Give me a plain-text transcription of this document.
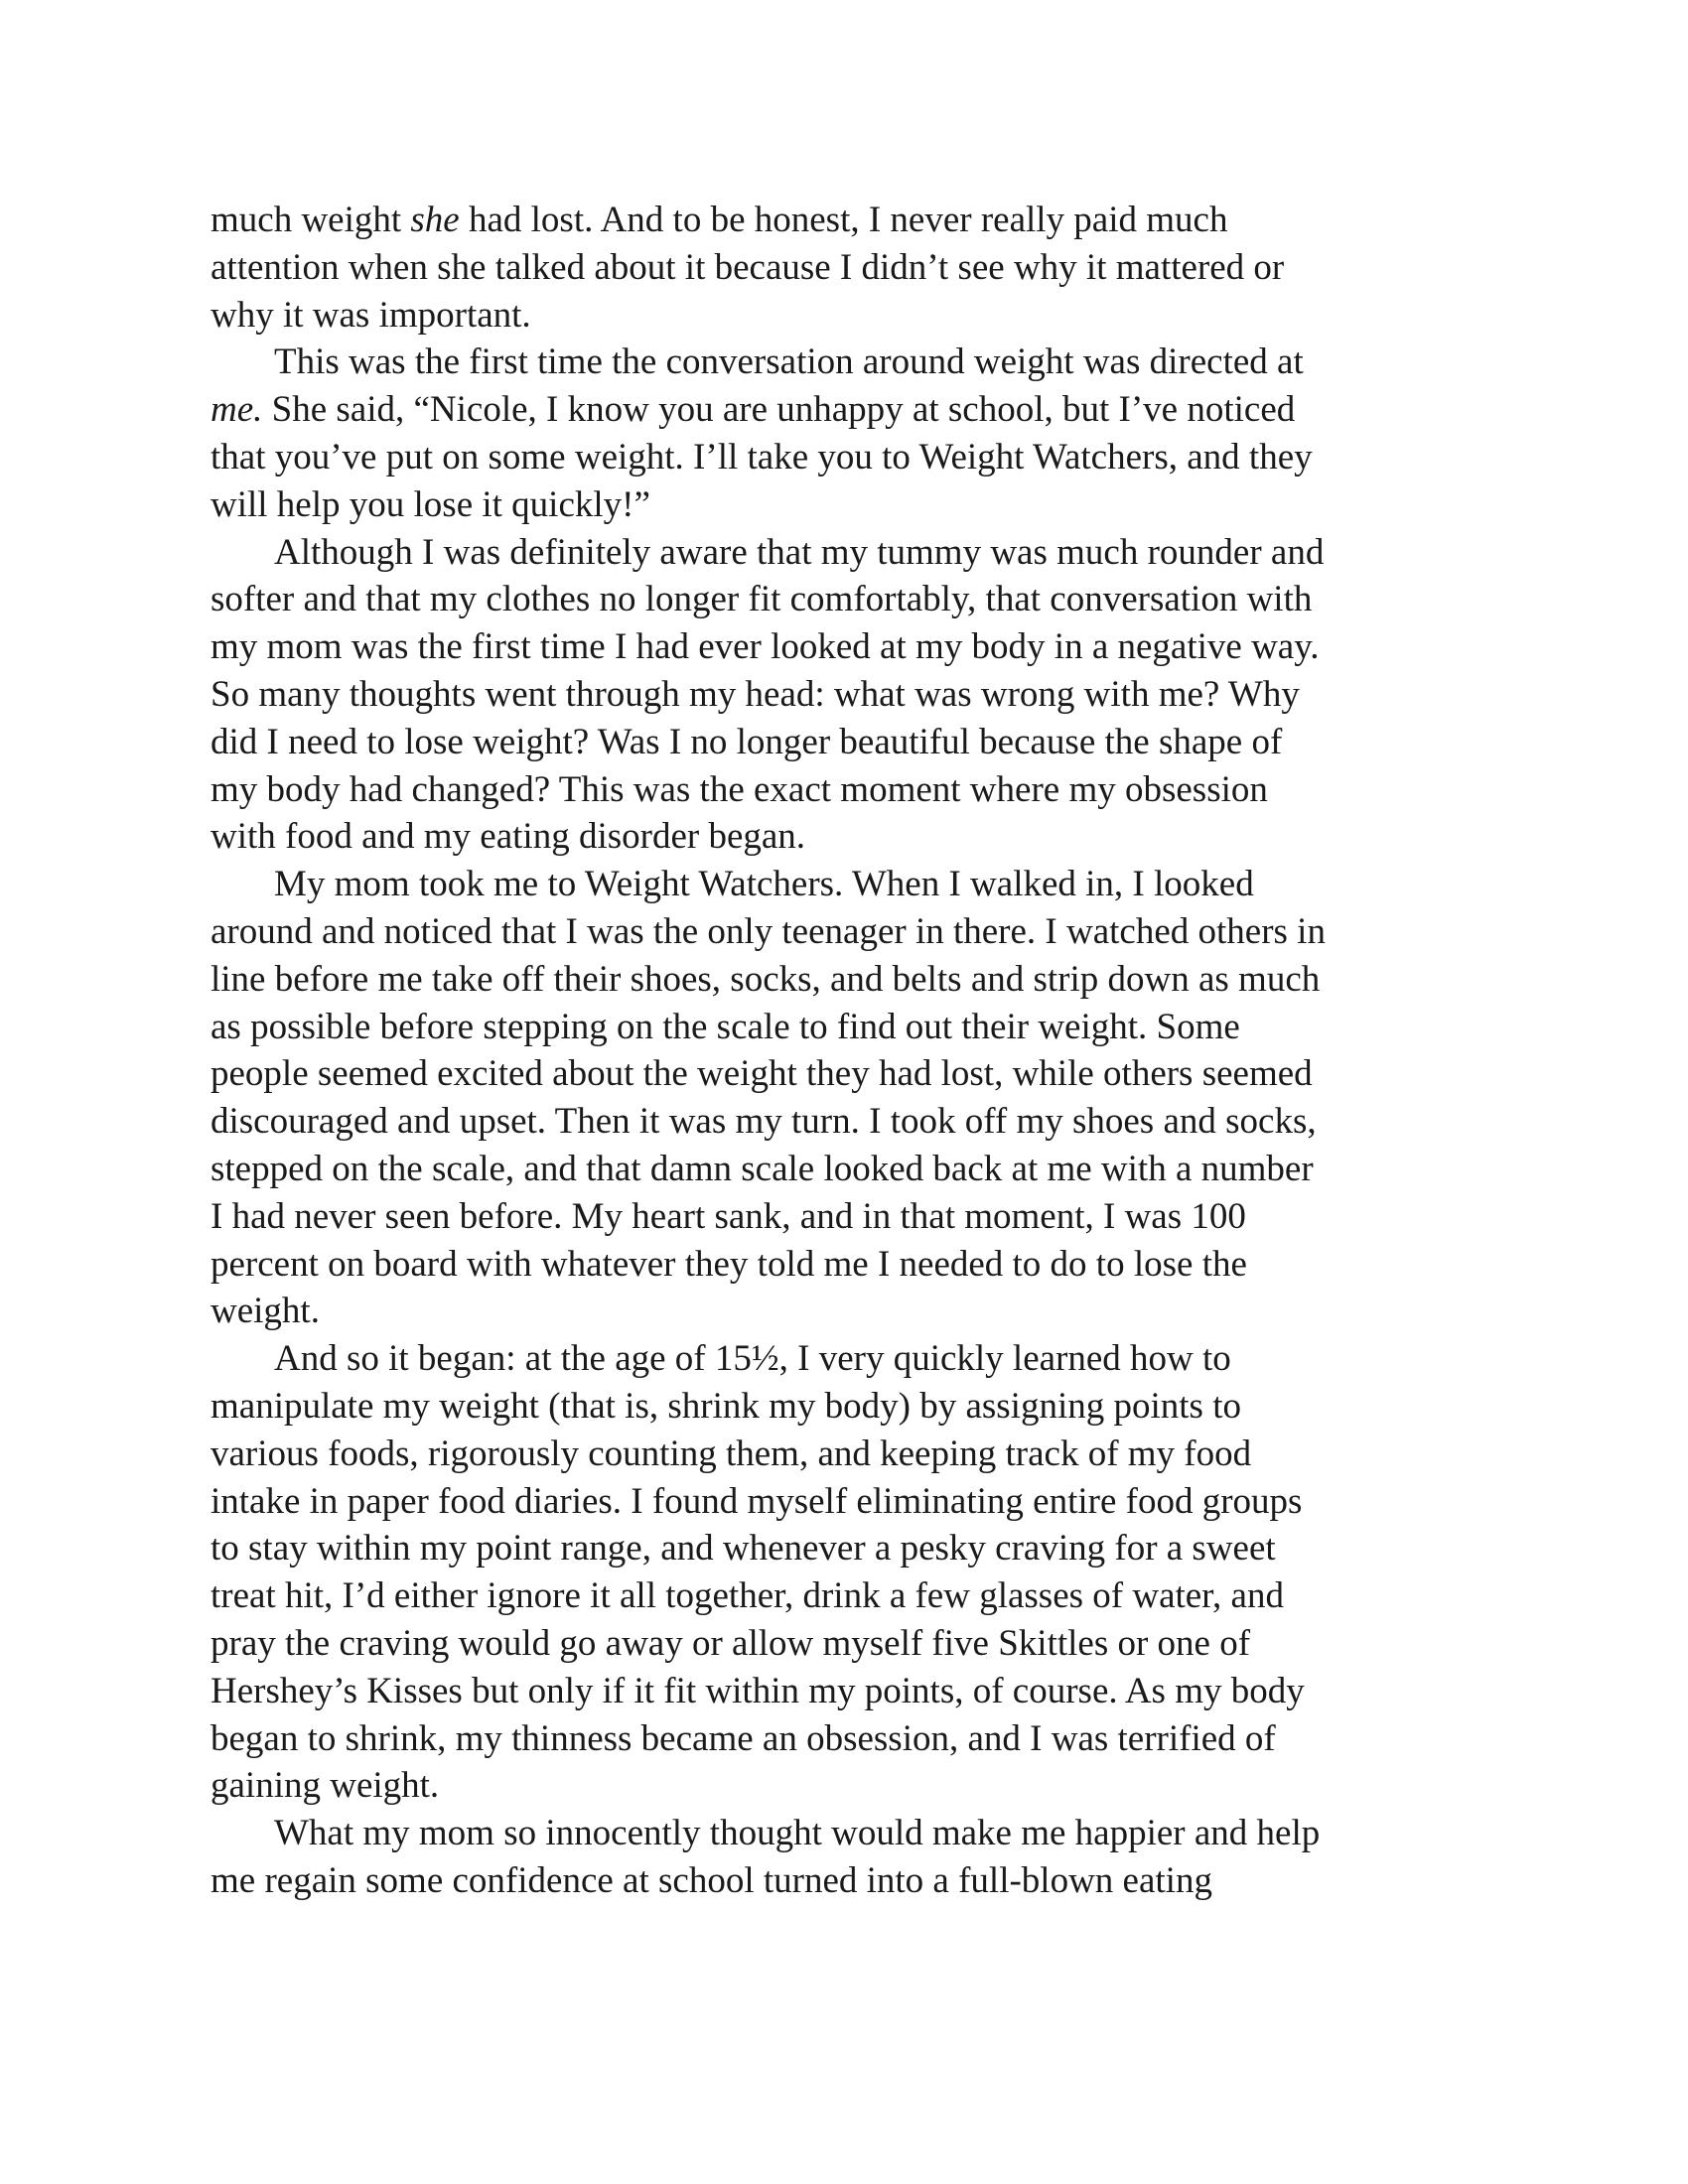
much weight she had lost. And to be honest, I never really paid much
attention when she talked about it because I didn’t see why it mattered or
why it was important.
This was the first time the conversation around weight was directed at
me. She said, “Nicole, I know you are unhappy at school, but I’ve noticed
that you’ve put on some weight. I’ll take you to Weight Watchers, and they
will help you lose it quickly!”
Although I was definitely aware that my tummy was much rounder and
softer and that my clothes no longer fit comfortably, that conversation with
my mom was the first time I had ever looked at my body in a negative way.
So many thoughts went through my head: what was wrong with me? Why
did I need to lose weight? Was I no longer beautiful because the shape of
my body had changed? This was the exact moment where my obsession
with food and my eating disorder began.
My mom took me to Weight Watchers. When I walked in, I looked
around and noticed that I was the only teenager in there. I watched others in
line before me take off their shoes, socks, and belts and strip down as much
as possible before stepping on the scale to find out their weight. Some
people seemed excited about the weight they had lost, while others seemed
discouraged and upset. Then it was my turn. I took off my shoes and socks,
stepped on the scale, and that damn scale looked back at me with a number
I had never seen before. My heart sank, and in that moment, I was 100
percent on board with whatever they told me I needed to do to lose the
weight.
And so it began: at the age of 15½, I very quickly learned how to
manipulate my weight (that is, shrink my body) by assigning points to
various foods, rigorously counting them, and keeping track of my food
intake in paper food diaries. I found myself eliminating entire food groups
to stay within my point range, and whenever a pesky craving for a sweet
treat hit, I’d either ignore it all together, drink a few glasses of water, and
pray the craving would go away or allow myself five Skittles or one of
Hershey’s Kisses but only if it fit within my points, of course. As my body
began to shrink, my thinness became an obsession, and I was terrified of
gaining weight.
What my mom so innocently thought would make me happier and help
me regain some confidence at school turned into a full-blown eating
